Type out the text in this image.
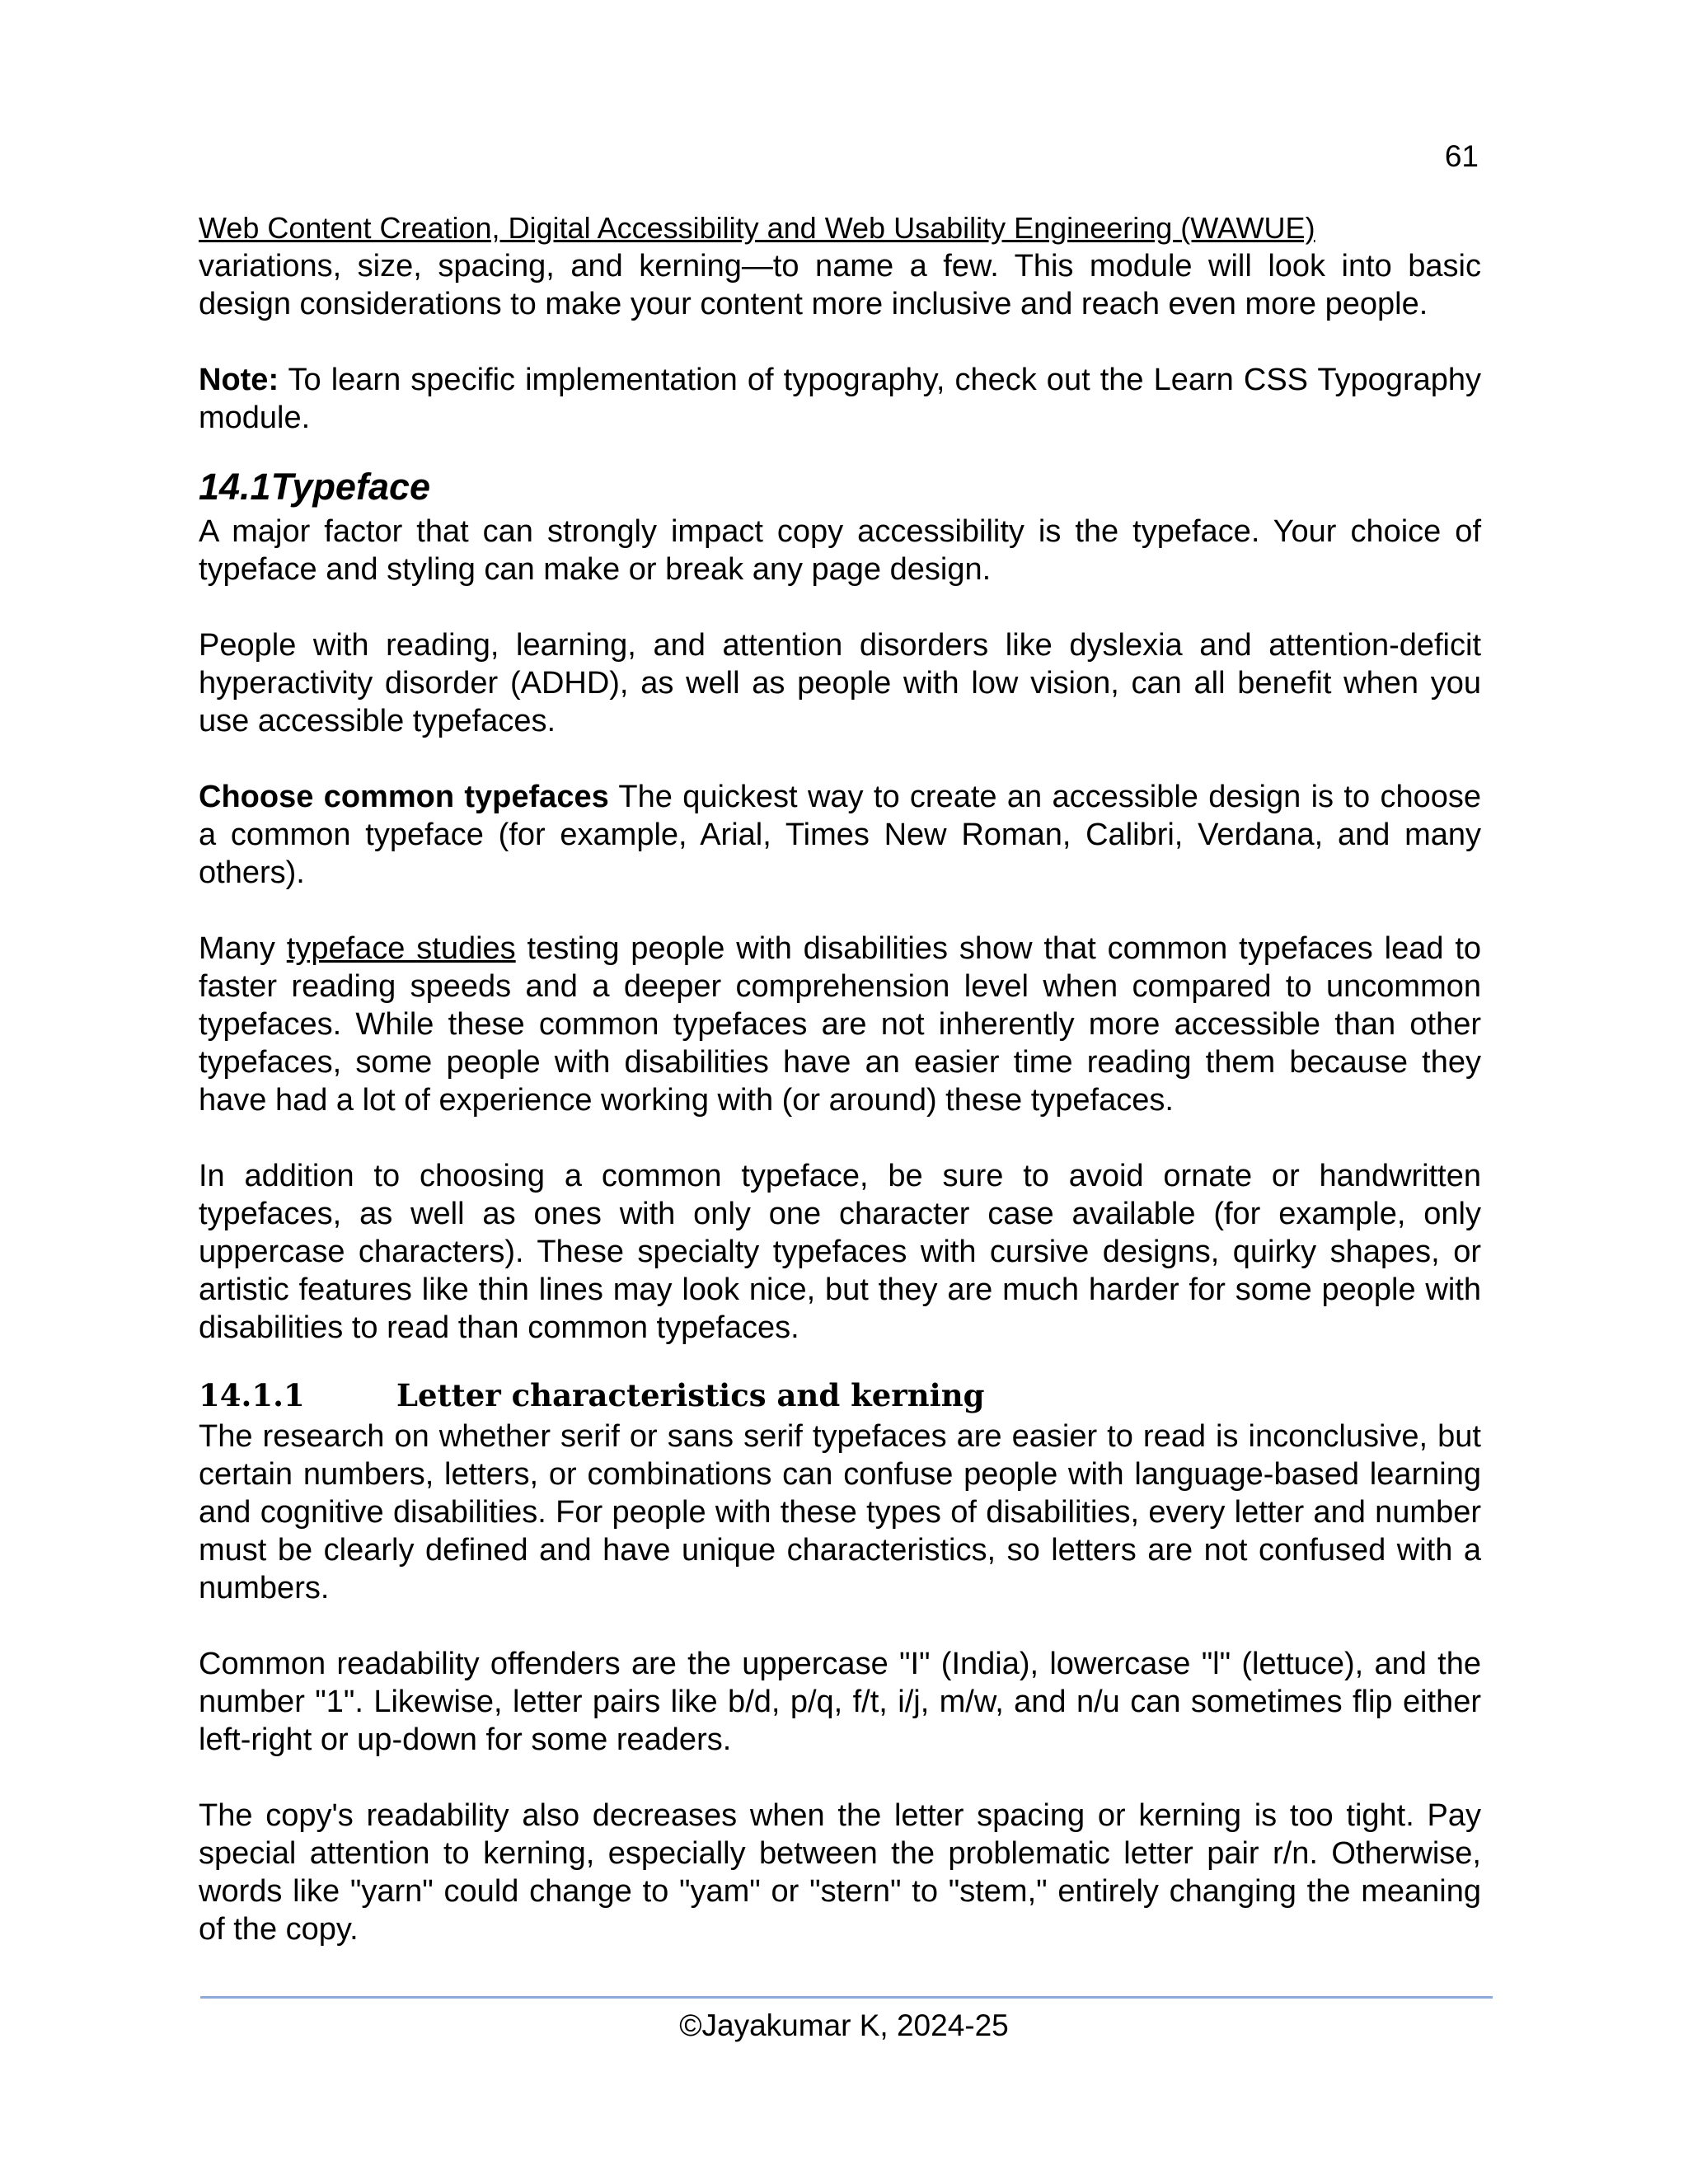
61

Web Content Creation, Digital Accessibility and Web Usability Engineering (WAWUE)

variations, size, spacing, and kerning—to name a few. This module will look into basic design considerations to make your content more inclusive and reach even more people.

Note: To learn specific implementation of typography, check out the Learn CSS Typography module.

14.1Typeface

A major factor that can strongly impact copy accessibility is the typeface. Your choice of typeface and styling can make or break any page design.

People with reading, learning, and attention disorders like dyslexia and attention-deficit hyperactivity disorder (ADHD), as well as people with low vision, can all benefit when you use accessible typefaces.

Choose common typefaces The quickest way to create an accessible design is to choose a common typeface (for example, Arial, Times New Roman, Calibri, Verdana, and many others).

Many typeface studies testing people with disabilities show that common typefaces lead to faster reading speeds and a deeper comprehension level when compared to uncommon typefaces. While these common typefaces are not inherently more accessible than other typefaces, some people with disabilities have an easier time reading them because they have had a lot of experience working with (or around) these typefaces.

In addition to choosing a common typeface, be sure to avoid ornate or handwritten typefaces, as well as ones with only one character case available (for example, only uppercase characters). These specialty typefaces with cursive designs, quirky shapes, or artistic features like thin lines may look nice, but they are much harder for some people with disabilities to read than common typefaces.

14.1.1	Letter characteristics and kerning

The research on whether serif or sans serif typefaces are easier to read is inconclusive, but certain numbers, letters, or combinations can confuse people with language-based learning and cognitive disabilities. For people with these types of disabilities, every letter and number must be clearly defined and have unique characteristics, so letters are not confused with a numbers.

Common readability offenders are the uppercase "I" (India), lowercase "l" (lettuce), and the number "1". Likewise, letter pairs like b/d, p/q, f/t, i/j, m/w, and n/u can sometimes flip either left-right or up-down for some readers.

The copy's readability also decreases when the letter spacing or kerning is too tight. Pay special attention to kerning, especially between the problematic letter pair r/n. Otherwise, words like "yarn" could change to "yam" or "stern" to "stem," entirely changing the meaning of the copy.

©Jayakumar K, 2024-25
